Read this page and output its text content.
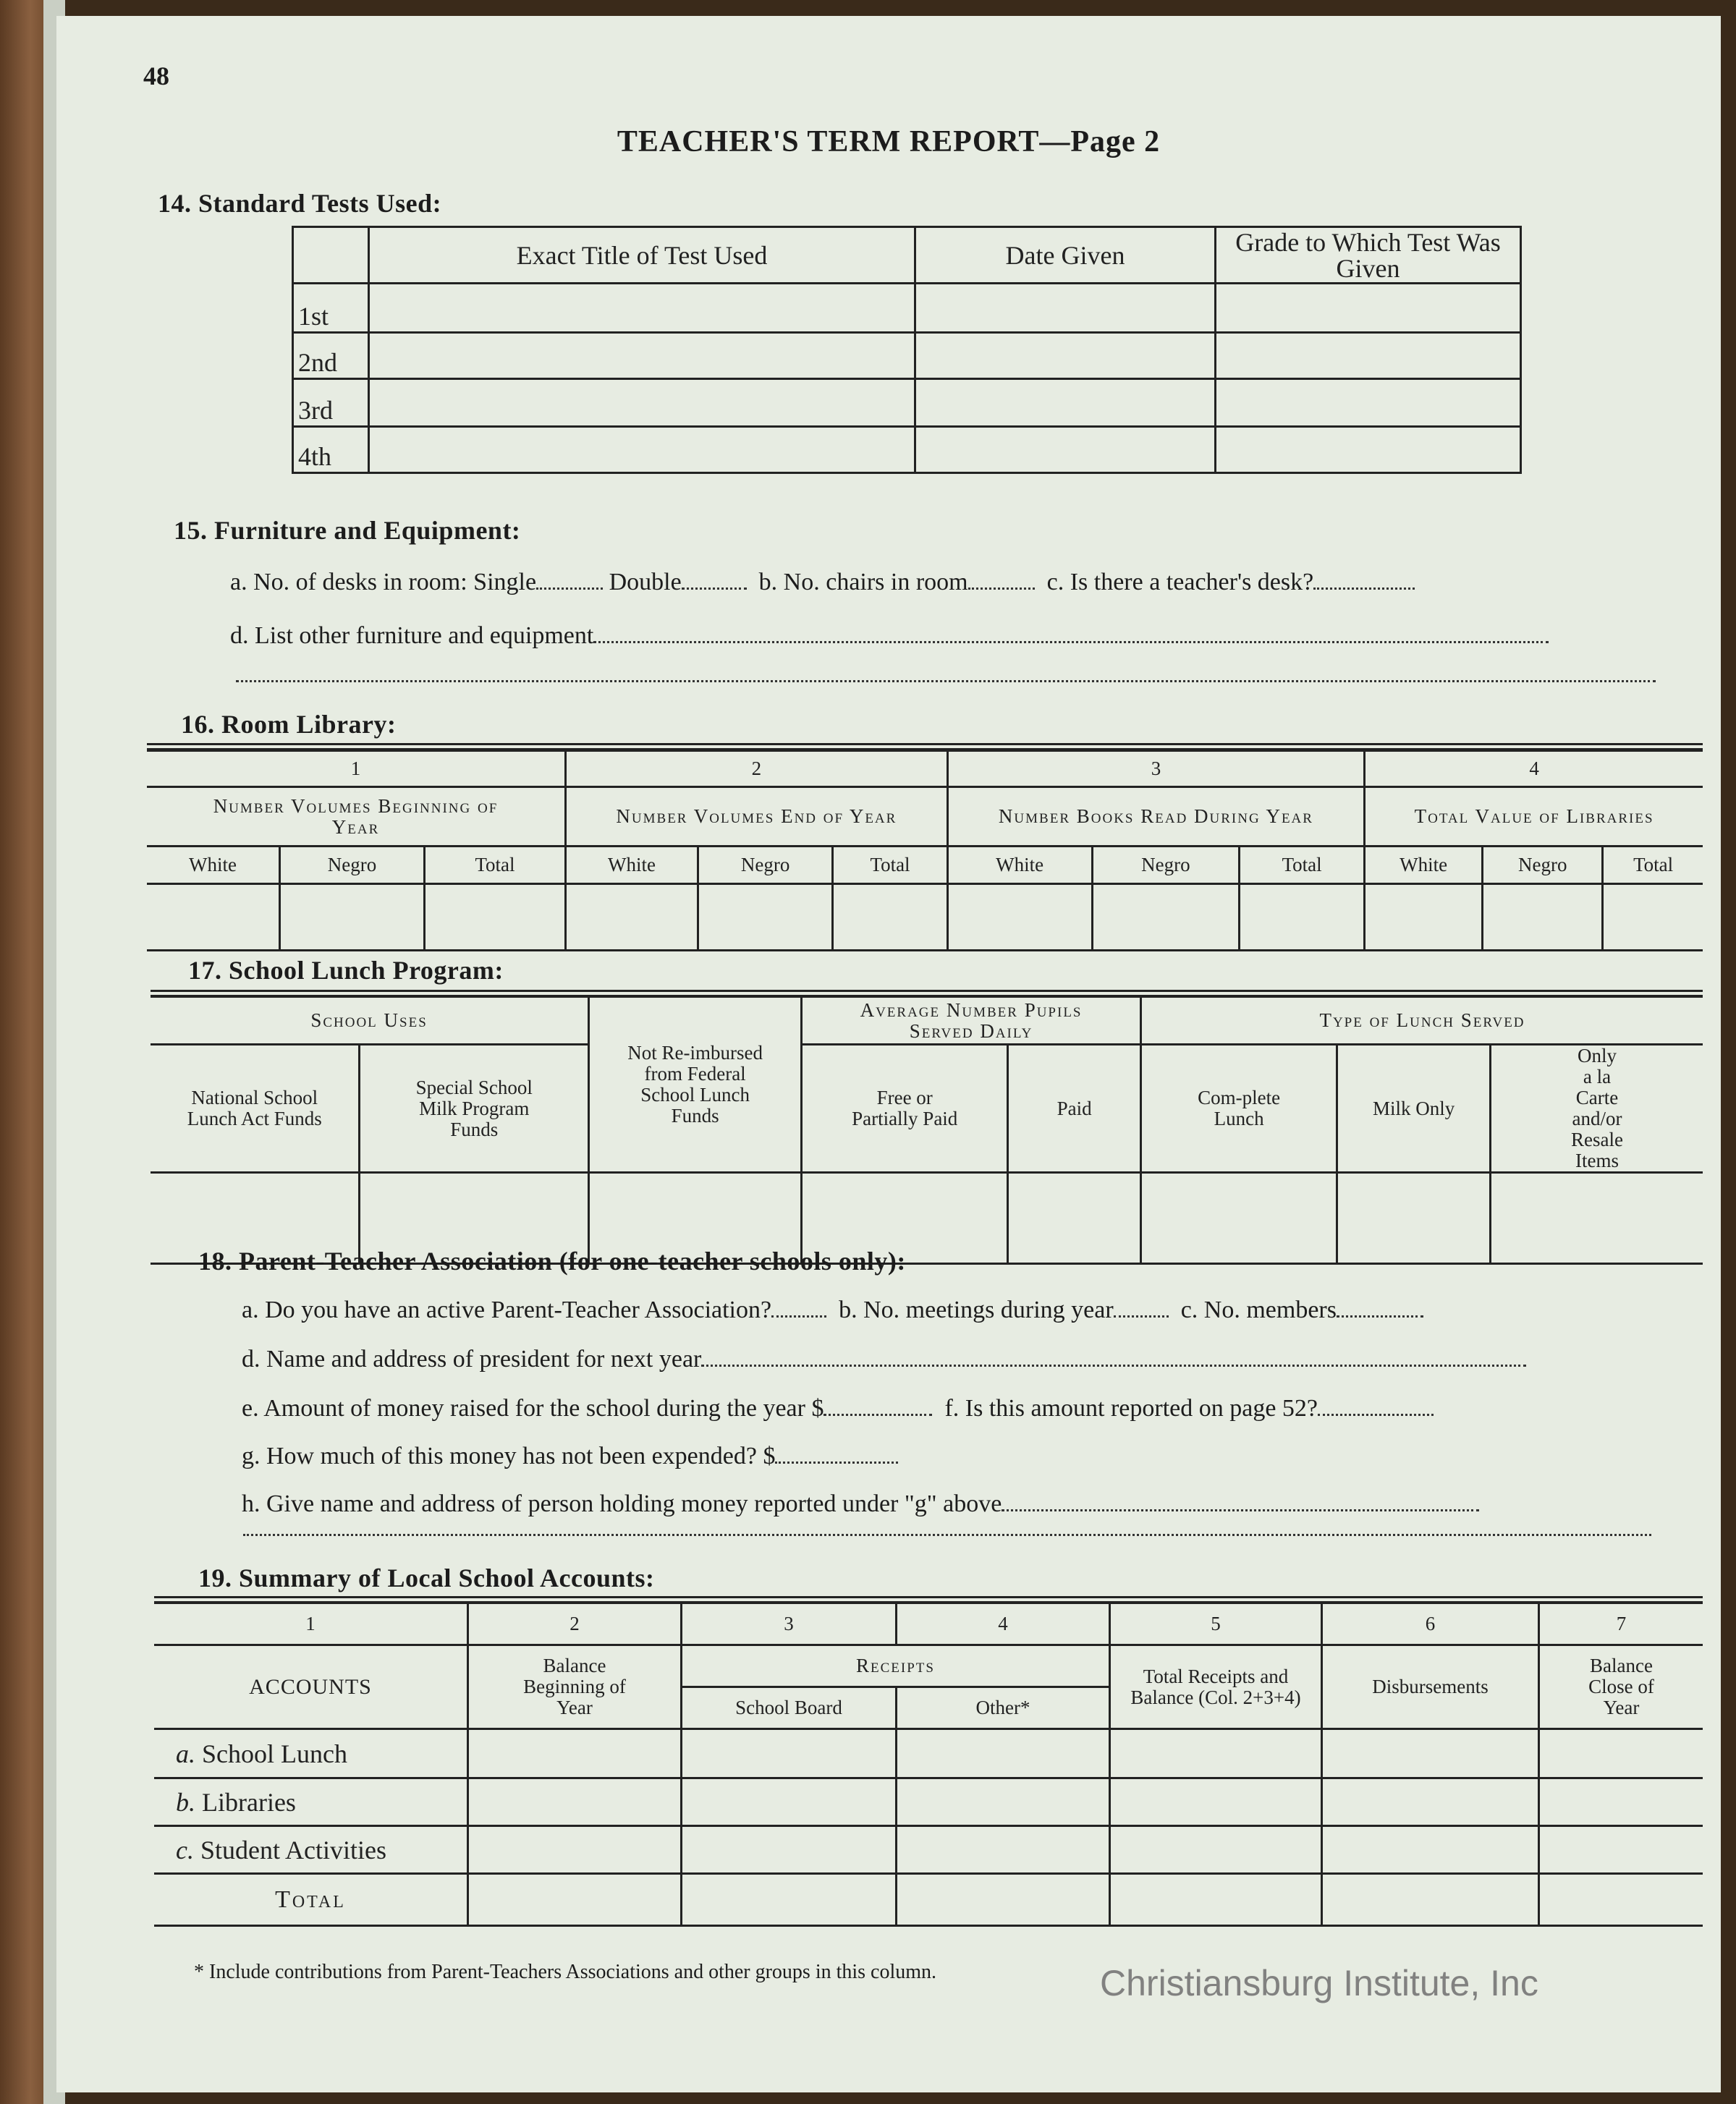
48
TEACHER'S TERM REPORT—Page 2
14. Standard Tests Used:
	Exact Title of Test Used	Date Given	Grade to Which Test Was Given
1st			
2nd			
3rd			
4th			
15. Furniture and Equipment:
a. No. of desks in room: Single	Double	b. No. chairs in room	c. Is there a teacher's desk?
d. List other furniture and equipment
16. Room Library:
1			2			3			4		
Number Volumes Beginning of Year			Number Volumes End of Year			Number Books Read During Year			Total Value of Libraries		
White	Negro	Total	White	Negro	Total	White	Negro	Total	White	Negro	Total

17. School Lunch Program:
School Uses		Not Re-imbursed from Federal School Lunch Funds	Average Number Pupils Served Daily		Type of Lunch Served		
National School Lunch Act Funds	Special School Milk Program Funds		Free or Partially Paid	Paid	Com-plete Lunch	Milk Only	Only a la Carte and/or Resale Items

18. Parent-Teacher Association (for one-teacher schools only):
a. Do you have an active Parent-Teacher Association?	b. No. meetings during year	c. No. members
d. Name and address of president for next year
e. Amount of money raised for the school during the year $	f. Is this amount reported on page 52?
g. How much of this money has not been expended? $
h. Give name and address of person holding money reported under "g" above
19. Summary of Local School Accounts:
1	2	3	4	5	6	7
ACCOUNTS	Balance Beginning of Year	Receipts		Total Receipts and Balance (Col. 2+3+4)	Disbursements	Balance Close of Year
		School Board	Other*			
a. School Lunch						
b. Libraries						
c. Student Activities						
Total						
* Include contributions from Parent-Teachers Associations and other groups in this column.	Christiansburg Institute, Inc
